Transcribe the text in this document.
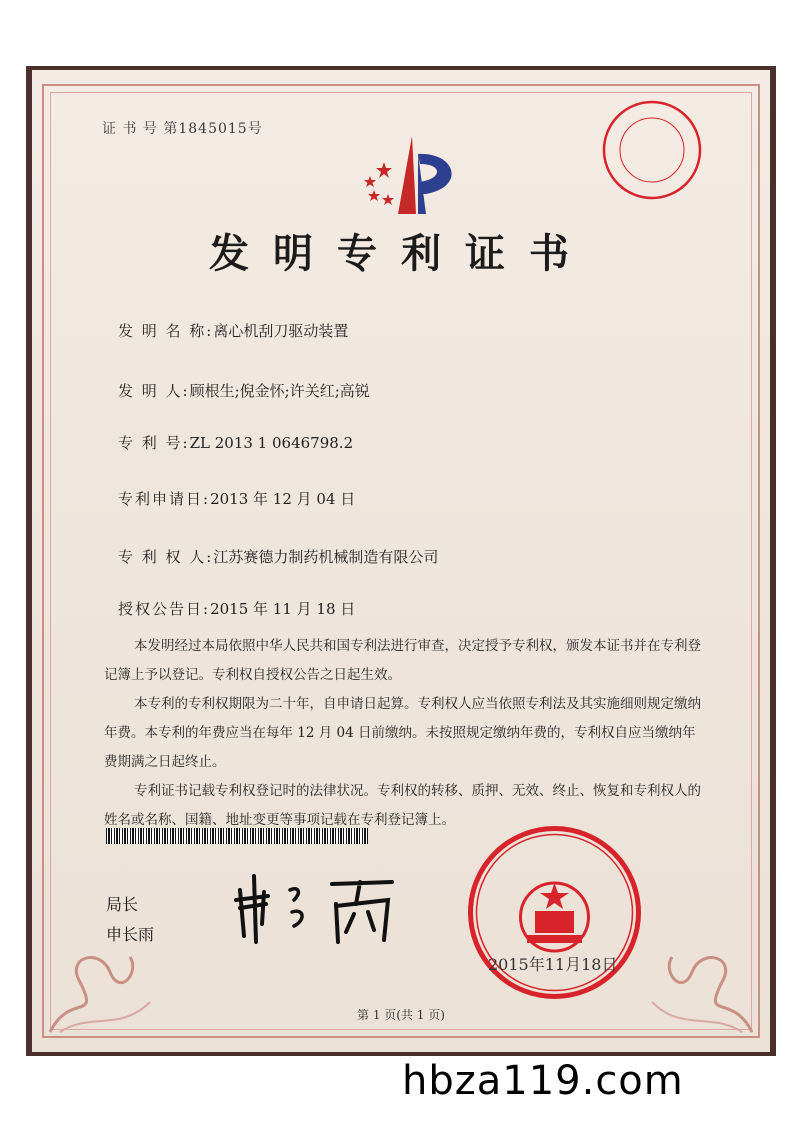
证 书 号 第1845015号
发明专利证书
发 明 名 称:离心机刮刀驱动装置
发 明 人:顾根生;倪金怀;许关红;高锐
专 利 号:ZL 2013 1 0646798.2
专利申请日:2013 年 12 月 04 日
专 利 权 人:江苏赛德力制药机械制造有限公司
授权公告日:2015 年 11 月 18 日

本发明经过本局依照中华人民共和国专利法进行审查，决定授予专利权，颁发本证书并在专利登记簿上予以登记。专利权自授权公告之日起生效。

本专利的专利权期限为二十年，自申请日起算。专利权人应当依照专利法及其实施细则规定缴纳年费。本专利的年费应当在每年 12 月 04 日前缴纳。未按照规定缴纳年费的，专利权自应当缴纳年费期满之日起终止。

专利证书记载专利权登记时的法律状况。专利权的转移、质押、无效、终止、恢复和专利权人的姓名或名称、国籍、地址变更等事项记载在专利登记簿上。

局长
申长雨
2015年11月18日
第 1 页(共 1 页)
hbza119.com
